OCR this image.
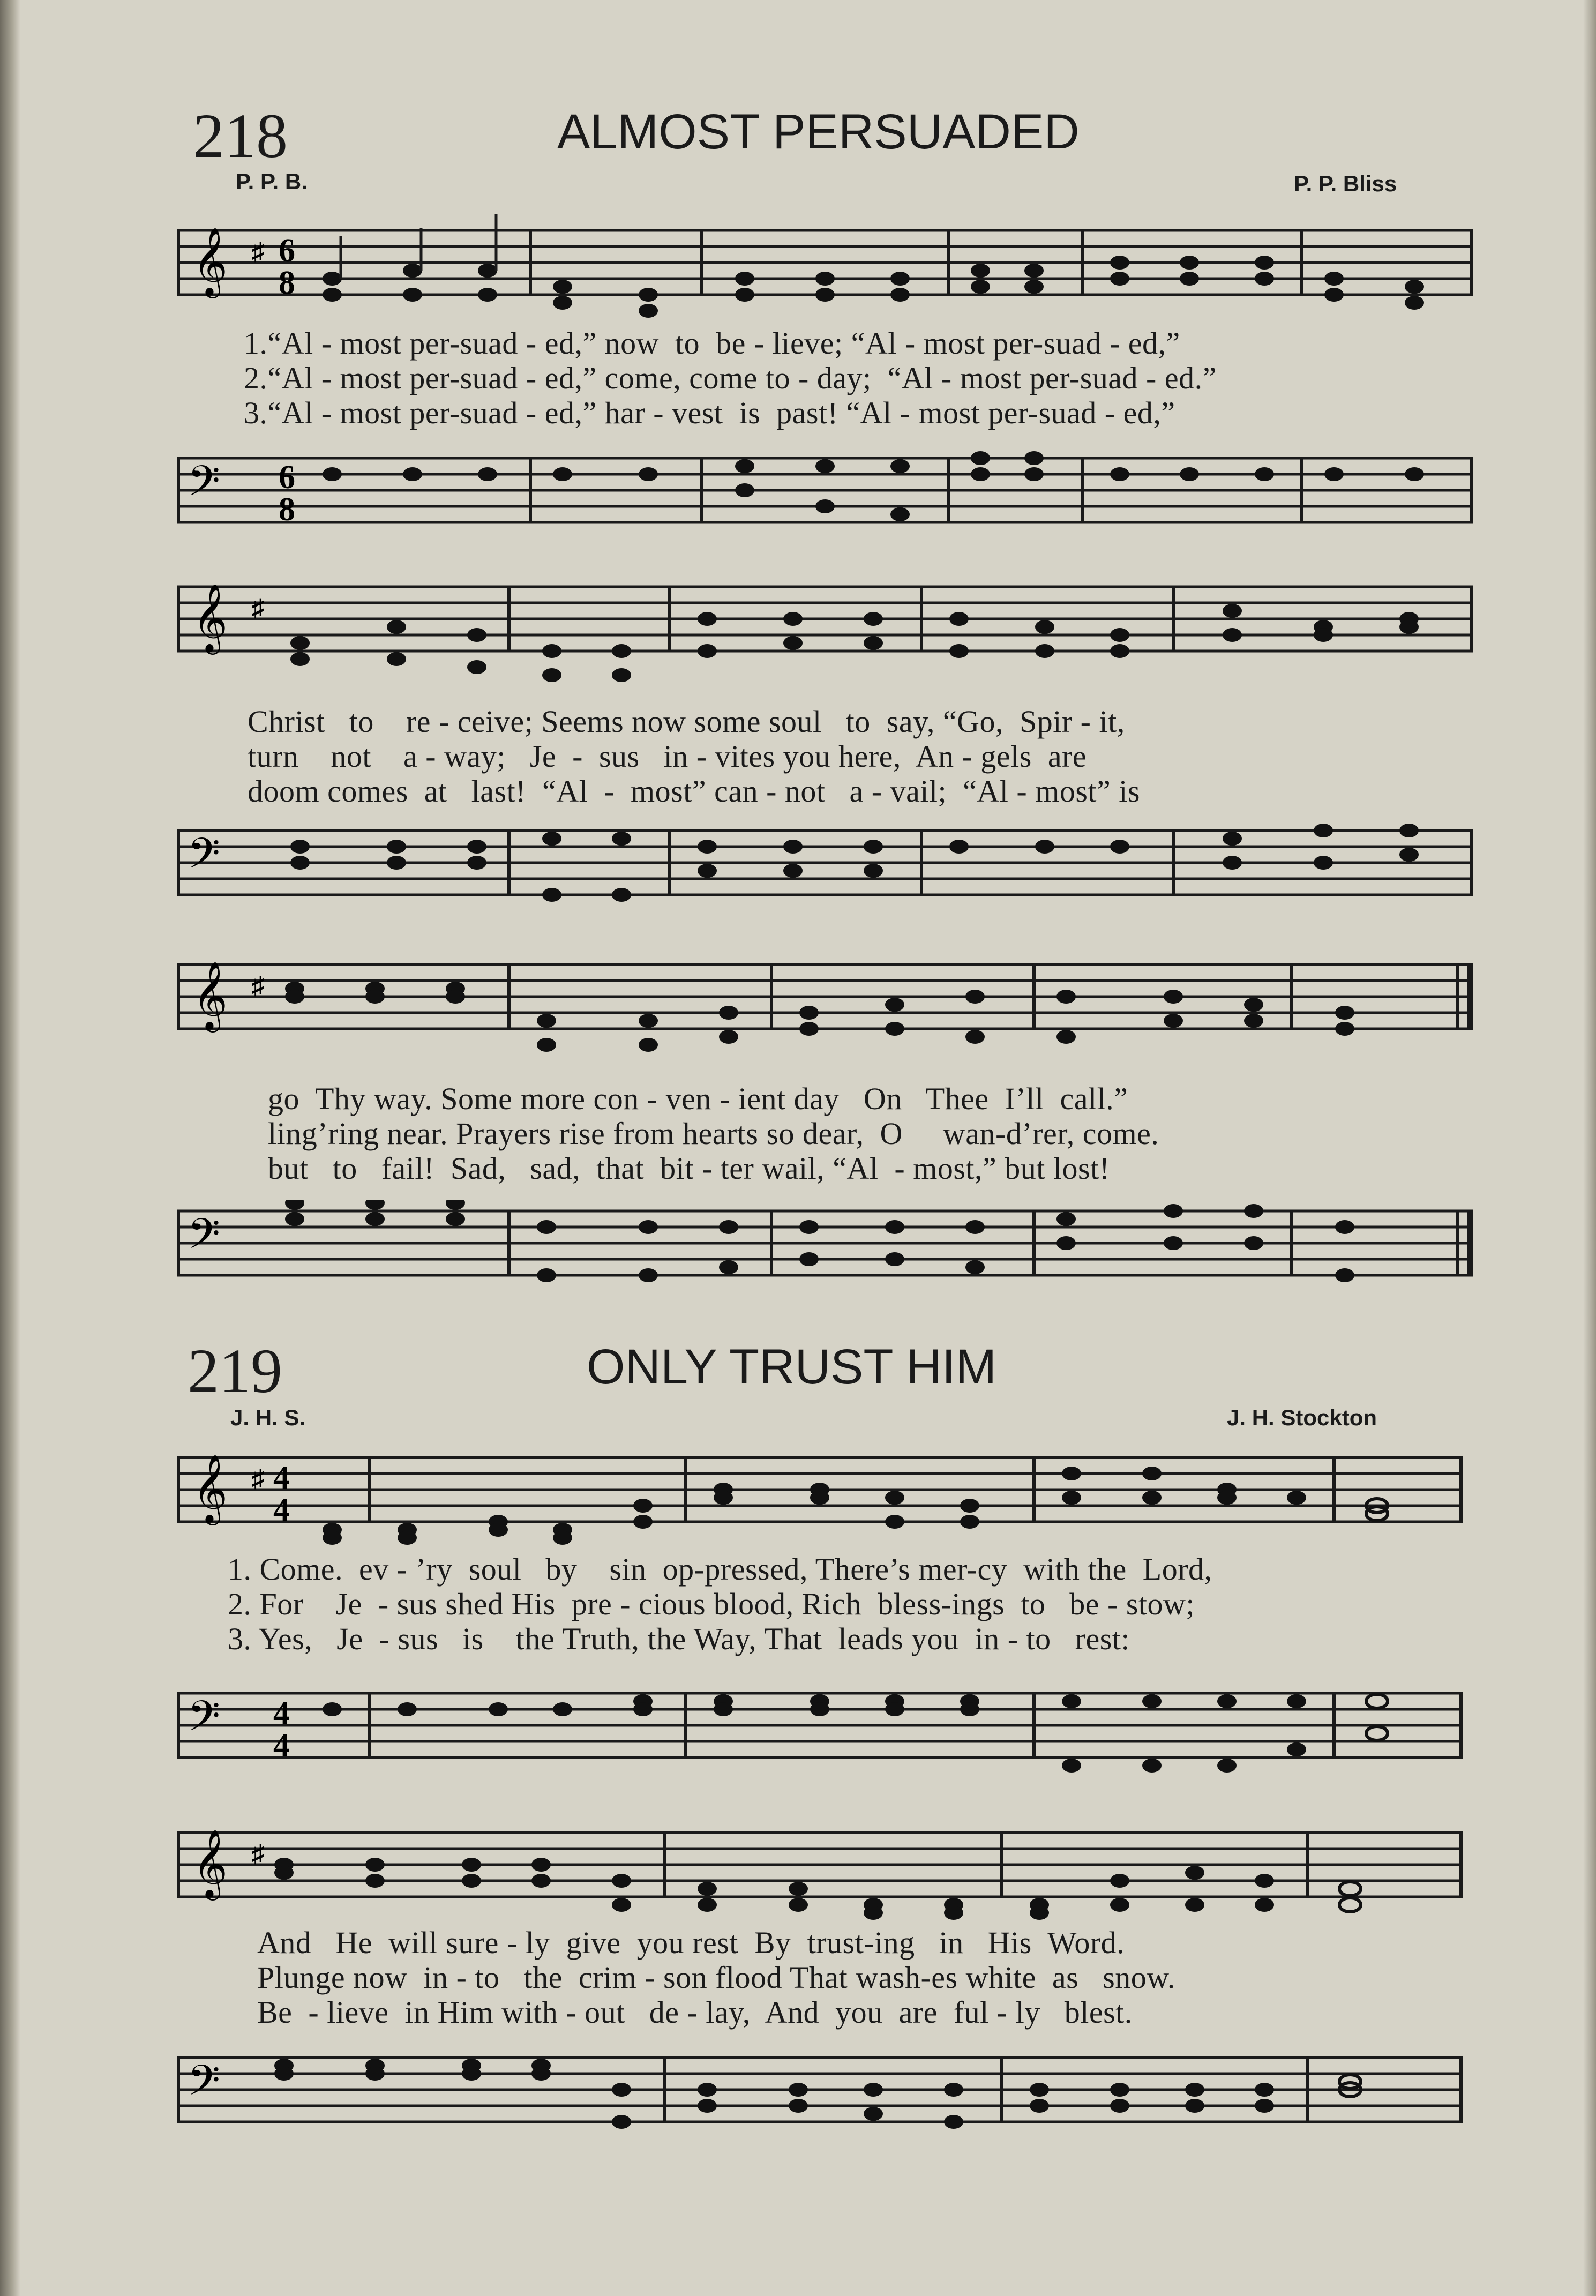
218	ALMOST PERSUADED
P. P. B.	P. P. Bliss
𝄞 ♯ 6
8
1.“Al - most per-suad - ed,” now  to  be - lieve; “Al - most per-suad - ed,”
2.“Al - most per-suad - ed,” come, come to - day;  “Al - most per-suad - ed.”
3.“Al - most per-suad - ed,” har - vest  is  past! “Al - most per-suad - ed,”
𝄢 6
8
𝄞 ♯
Christ   to    re - ceive; Seems now some soul   to  say, “Go,  Spir - it,
turn    not    a - way;   Je  -  sus   in - vites you here,  An - gels  are
doom comes  at   last!  “Al  -  most” can - not   a - vail;  “Al - most” is
𝄢
𝄞 ♯
go  Thy way. Some more con - ven - ient day   On   Thee  I’ll  call.”
ling’ring near. Prayers rise from hearts so dear,  O     wan-d’rer, come.
but   to   fail!  Sad,   sad,  that  bit - ter wail, “Al  - most,” but lost!
𝄢
219	ONLY TRUST HIM
J. H. S.	J. H. Stockton
𝄞 ♯ 4
4
1. Come.  ev - ’ry  soul   by    sin  op-pressed, There’s mer-cy  with the  Lord,
2. For    Je  - sus shed His  pre - cious blood, Rich  bless-ings  to   be - stow;
3. Yes,   Je  - sus   is    the Truth, the Way, That  leads you  in - to   rest:
𝄢 4
4
𝄞 ♯
And   He  will sure - ly  give  you rest  By  trust-ing   in   His  Word.
Plunge now  in - to   the  crim - son flood That wash-es white  as   snow.
Be  - lieve  in Him with - out   de - lay,  And  you  are  ful - ly   blest.
𝄢
